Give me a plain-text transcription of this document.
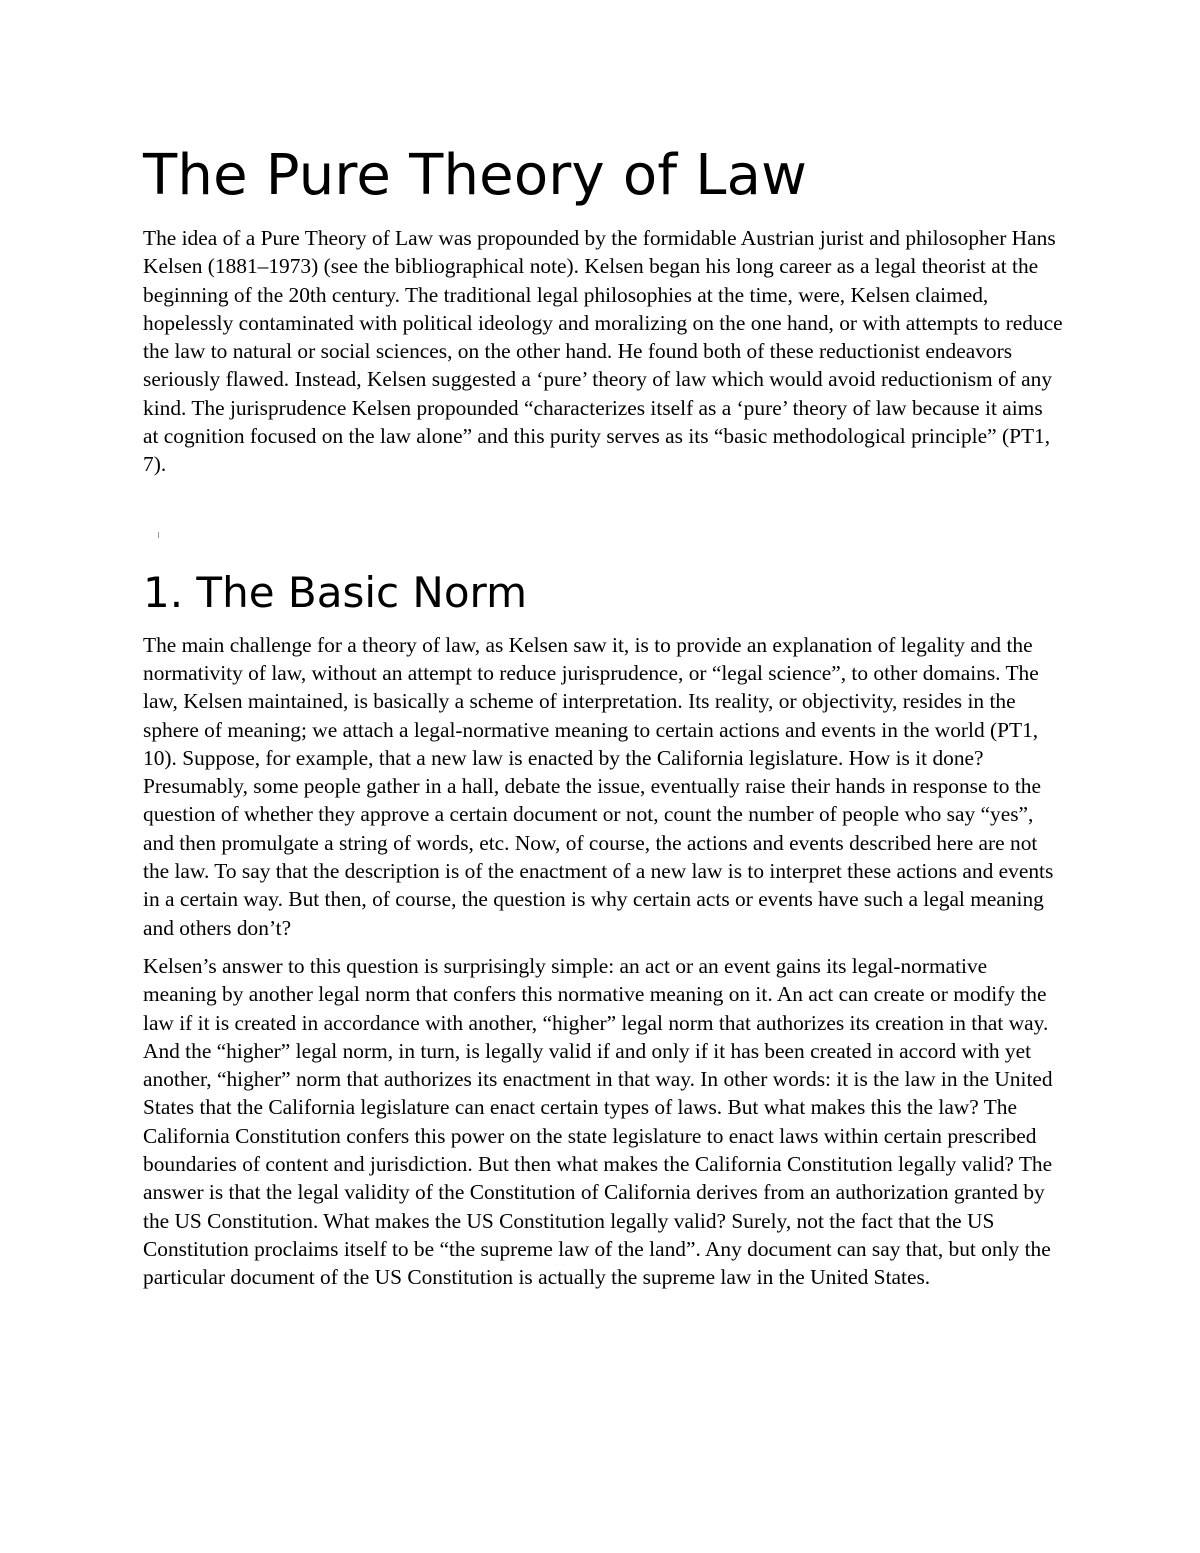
The Pure Theory of Law

The idea of a Pure Theory of Law was propounded by the formidable Austrian jurist and philosopher Hans Kelsen (1881–1973) (see the bibliographical note). Kelsen began his long career as a legal theorist at the beginning of the 20th century. The traditional legal philosophies at the time, were, Kelsen claimed, hopelessly contaminated with political ideology and moralizing on the one hand, or with attempts to reduce the law to natural or social sciences, on the other hand. He found both of these reductionist endeavors seriously flawed. Instead, Kelsen suggested a ‘pure’ theory of law which would avoid reductionism of any kind. The jurisprudence Kelsen propounded “characterizes itself as a ‘pure’ theory of law because it aims at cognition focused on the law alone” and this purity serves as its “basic methodological principle” (PT1, 7).

1. The Basic Norm

The main challenge for a theory of law, as Kelsen saw it, is to provide an explanation of legality and the normativity of law, without an attempt to reduce jurisprudence, or “legal science”, to other domains. The law, Kelsen maintained, is basically a scheme of interpretation. Its reality, or objectivity, resides in the sphere of meaning; we attach a legal-normative meaning to certain actions and events in the world (PT1, 10). Suppose, for example, that a new law is enacted by the California legislature. How is it done? Presumably, some people gather in a hall, debate the issue, eventually raise their hands in response to the question of whether they approve a certain document or not, count the number of people who say “yes”, and then promulgate a string of words, etc. Now, of course, the actions and events described here are not the law. To say that the description is of the enactment of a new law is to interpret these actions and events in a certain way. But then, of course, the question is why certain acts or events have such a legal meaning and others don’t?

Kelsen’s answer to this question is surprisingly simple: an act or an event gains its legal-normative meaning by another legal norm that confers this normative meaning on it. An act can create or modify the law if it is created in accordance with another, “higher” legal norm that authorizes its creation in that way. And the “higher” legal norm, in turn, is legally valid if and only if it has been created in accord with yet another, “higher” norm that authorizes its enactment in that way. In other words: it is the law in the United States that the California legislature can enact certain types of laws. But what makes this the law? The California Constitution confers this power on the state legislature to enact laws within certain prescribed boundaries of content and jurisdiction. But then what makes the California Constitution legally valid? The answer is that the legal validity of the Constitution of California derives from an authorization granted by the US Constitution. What makes the US Constitution legally valid? Surely, not the fact that the US Constitution proclaims itself to be “the supreme law of the land”. Any document can say that, but only the particular document of the US Constitution is actually the supreme law in the United States.
